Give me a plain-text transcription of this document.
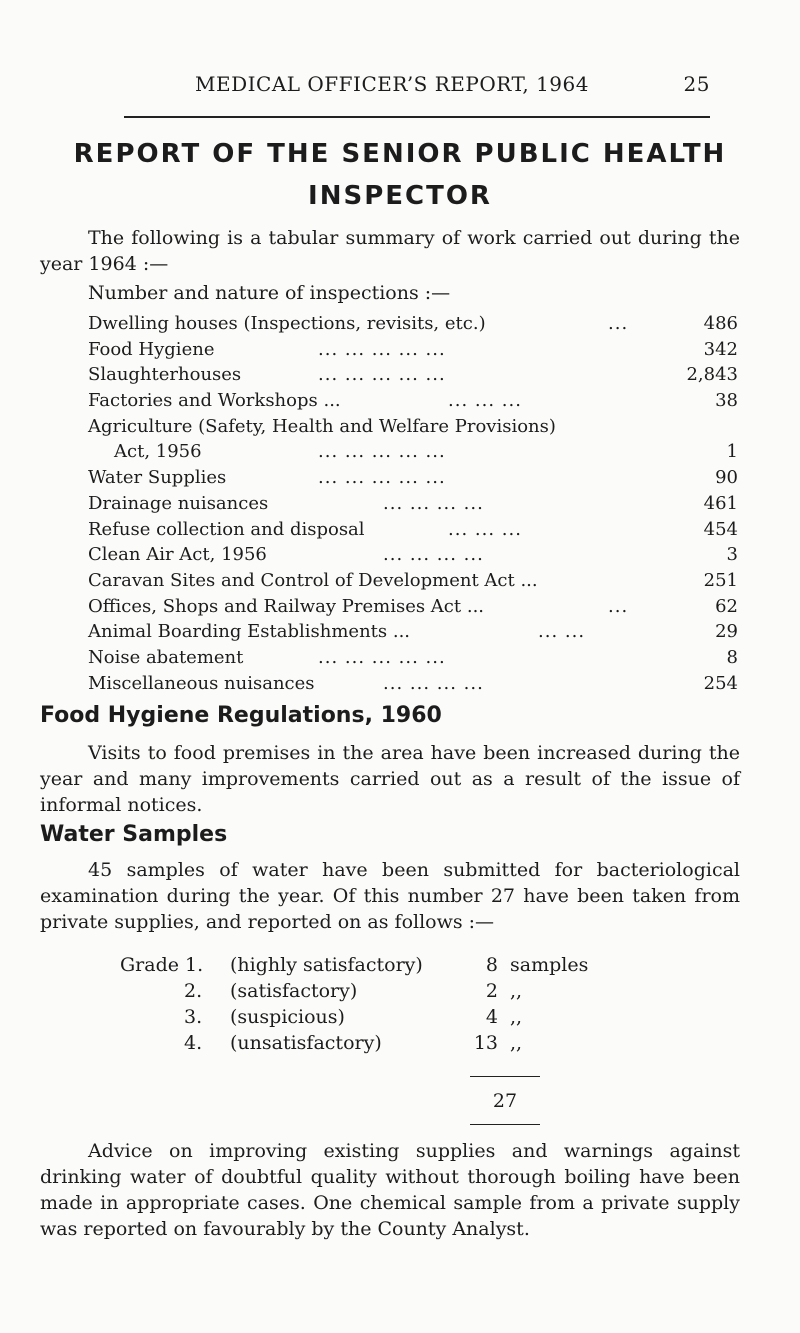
MEDICAL OFFICER’S REPORT, 1964	25
REPORT OF THE SENIOR PUBLIC HEALTH
INSPECTOR
The following is a tabular summary of work carried out during the year 1964 :—
Number and nature of inspections :—
Dwelling houses (Inspections, revisits, etc.)	...	486
Food Hygiene	... ... ... ... ...	342
Slaughterhouses	... ... ... ... ...	2,843
Factories and Workshops ...	... ... ...	38
Agriculture (Safety, Health and Welfare Provisions)
Act, 1956	... ... ... ... ...	1
Water Supplies	... ... ... ... ...	90
Drainage nuisances	... ... ... ...	461
Refuse collection and disposal	... ... ...	454
Clean Air Act, 1956	... ... ... ...	3
Caravan Sites and Control of Development Act ...	251
Offices, Shops and Railway Premises Act ...	...	62
Animal Boarding Establishments ...	... ...	29
Noise abatement	... ... ... ... ...	8
Miscellaneous nuisances	... ... ... ...	254
Food Hygiene Regulations, 1960
Visits to food premises in the area have been increased during the year and many improvements carried out as a result of the issue of informal notices.
Water Samples
45 samples of water have been submitted for bacteriological examination during the year. Of this number 27 have been taken from private supplies, and reported on as follows :—
Grade 1. (highly satisfactory)	8 samples
2. (satisfactory)	2 ,,
3. (suspicious)	4 ,,
4. (unsatisfactory)	13 ,,
27
Advice on improving existing supplies and warnings against drinking water of doubtful quality without thorough boiling have been made in appropriate cases. One chemical sample from a private supply was reported on favourably by the County Analyst.
